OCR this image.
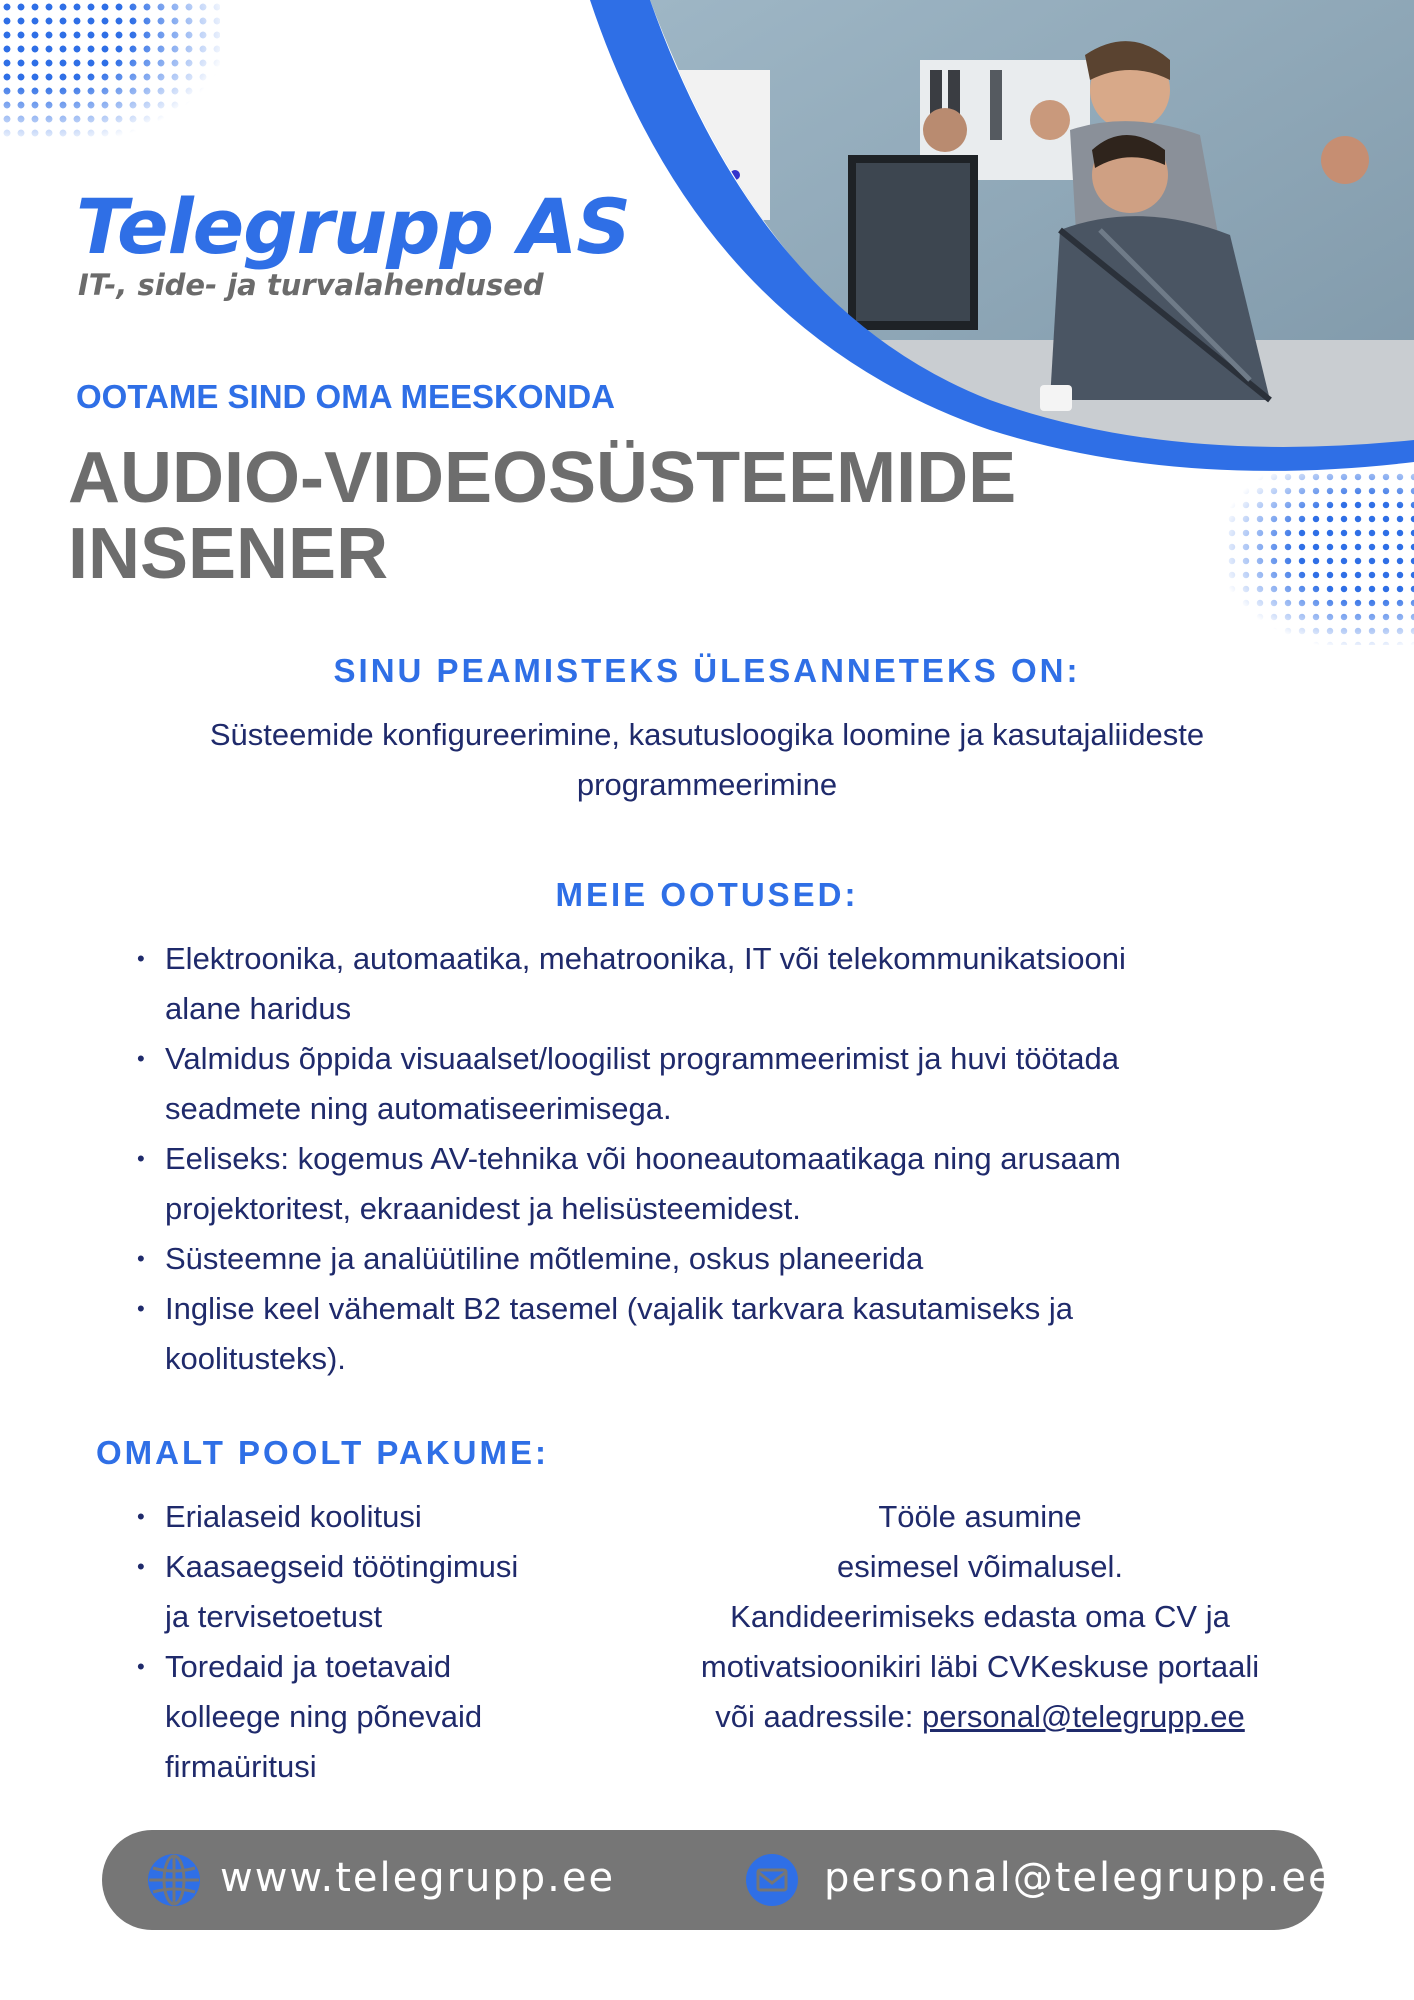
Telegrupp AS
IT-, side- ja turvalahendused
OOTAME SIND OMA MEESKONDA
AUDIO-VIDEOSÜSTEEMIDE
INSENER
SINU PEAMISTEKS ÜLESANNETEKS ON:
Süsteemide konfigureerimine, kasutusloogika loomine ja kasutajaliideste
programmeerimine
MEIE OOTUSED:
• Elektroonika, automaatika, mehatroonika, IT või telekommunikatsiooni
alane haridus
• Valmidus õppida visuaalset/loogilist programmeerimist ja huvi töötada
seadmete ning automatiseerimisega.
• Eeliseks: kogemus AV-tehnika või hooneautomaatikaga ning arusaam
projektoritest, ekraanidest ja helisüsteemidest.
• Süsteemne ja analüütiline mõtlemine, oskus planeerida
• Inglise keel vähemalt B2 tasemel (vajalik tarkvara kasutamiseks ja
koolitusteks).
OMALT POOLT PAKUME:
• Erialaseid koolitusi
• Kaasaegseid töötingimusi
ja tervisetoetust
• Toredaid ja toetavaid
kolleege ning põnevaid
firmaüritusi
Tööle asumine
esimesel võimalusel.
Kandideerimiseks edasta oma CV ja
motivatsioonikiri läbi CVKeskuse portaali
või aadressile: personal@telegrupp.ee
www.telegrupp.ee	personal@telegrupp.ee
